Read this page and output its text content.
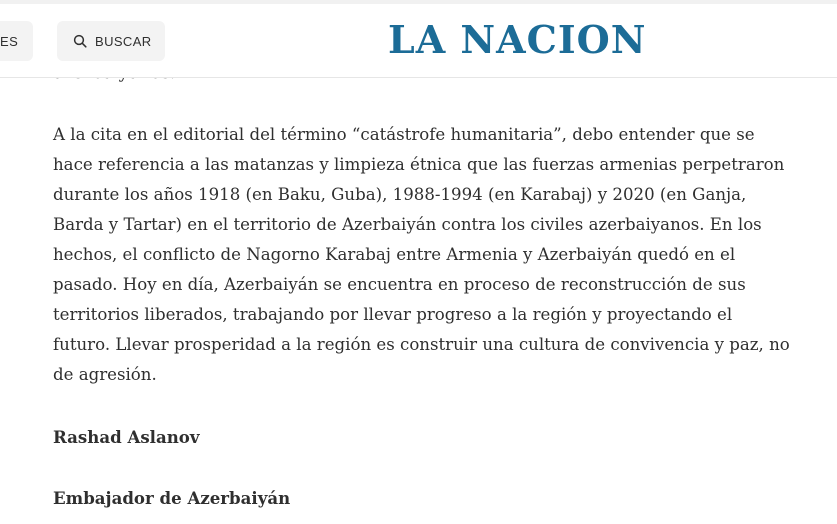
A la cita en el editorial del término “catástrofe humanitaria”, debo entender que se hace referencia a las matanzas y limpieza étnica que las fuerzas armenias perpetraron durante los años 1918 (en Baku, Guba), 1988-1994 (en Karabaj) y 2020 (en Ganja, Barda y Tartar) en el territorio de Azerbaiyán contra los civiles azerbaiyanos. En los hechos, el conflicto de Nagorno Karabaj entre Armenia y Azerbaiyán quedó en el pasado. Hoy en día, Azerbaiyán se encuentra en proceso de reconstrucción de sus territorios liberados, trabajando por llevar progreso a la región y proyectando el futuro. Llevar prosperidad a la región es construir una cultura de convivencia y paz, no de agresión.

Rashad Aslanov

Embajador de Azerbaiyán

ES	BUSCAR	LA NACION
